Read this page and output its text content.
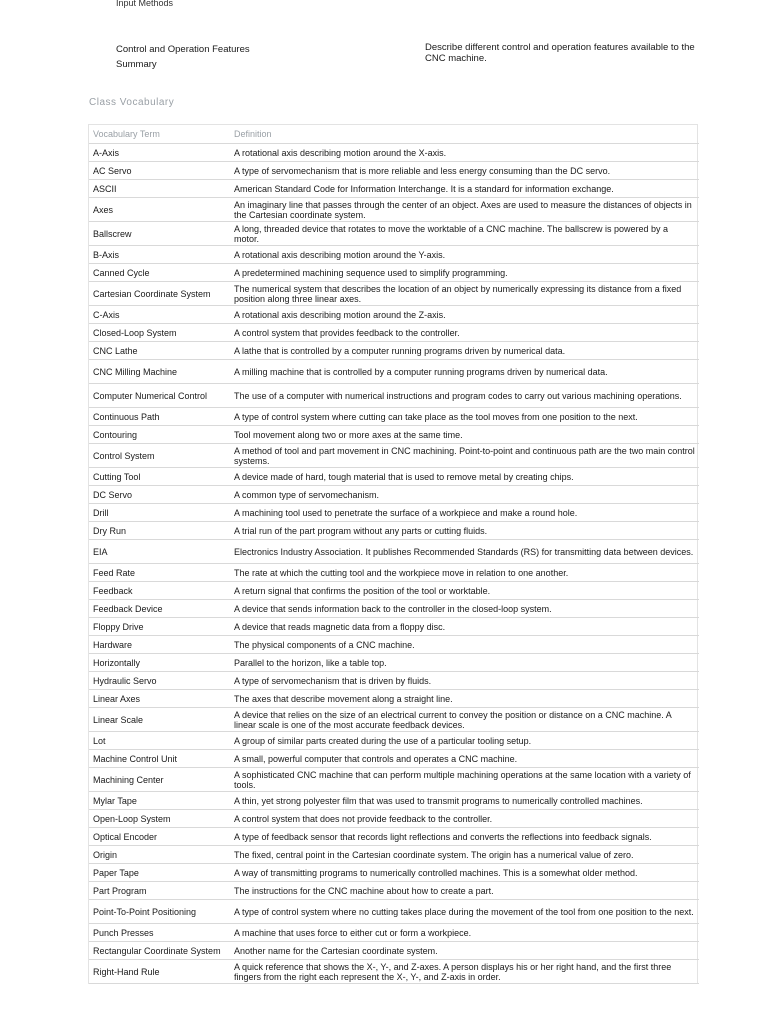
Input Methods
Control and Operation Features
Summary
Describe different control and operation features available to the CNC machine.
Class Vocabulary
Vocabulary Term	Definition
A-Axis	A rotational axis describing motion around the X-axis.
AC Servo	A type of servomechanism that is more reliable and less energy consuming than the DC servo.
ASCII	American Standard Code for Information Interchange. It is a standard for information exchange.
Axes	An imaginary line that passes through the center of an object. Axes are used to measure the distances of objects in the Cartesian coordinate system.
Ballscrew	A long, threaded device that rotates to move the worktable of a CNC machine. The ballscrew is powered by a motor.
B-Axis	A rotational axis describing motion around the Y-axis.
Canned Cycle	A predetermined machining sequence used to simplify programming.
Cartesian Coordinate System	The numerical system that describes the location of an object by numerically expressing its distance from a fixed position along three linear axes.
C-Axis	A rotational axis describing motion around the Z-axis.
Closed-Loop System	A control system that provides feedback to the controller.
CNC Lathe	A lathe that is controlled by a computer running programs driven by numerical data.
CNC Milling Machine	A milling machine that is controlled by a computer running programs driven by numerical data.
Computer Numerical Control	The use of a computer with numerical instructions and program codes to carry out various machining operations.
Continuous Path	A type of control system where cutting can take place as the tool moves from one position to the next.
Contouring	Tool movement along two or more axes at the same time.
Control System	A method of tool and part movement in CNC machining. Point-to-point and continuous path are the two main control systems.
Cutting Tool	A device made of hard, tough material that is used to remove metal by creating chips.
DC Servo	A common type of servomechanism.
Drill	A machining tool used to penetrate the surface of a workpiece and make a round hole.
Dry Run	A trial run of the part program without any parts or cutting fluids.
EIA	Electronics Industry Association. It publishes Recommended Standards (RS) for transmitting data between devices.
Feed Rate	The rate at which the cutting tool and the workpiece move in relation to one another.
Feedback	A return signal that confirms the position of the tool or worktable.
Feedback Device	A device that sends information back to the controller in the closed-loop system.
Floppy Drive	A device that reads magnetic data from a floppy disc.
Hardware	The physical components of a CNC machine.
Horizontally	Parallel to the horizon, like a table top.
Hydraulic Servo	A type of servomechanism that is driven by fluids.
Linear Axes	The axes that describe movement along a straight line.
Linear Scale	A device that relies on the size of an electrical current to convey the position or distance on a CNC machine. A linear scale is one of the most accurate feedback devices.
Lot	A group of similar parts created during the use of a particular tooling setup.
Machine Control Unit	A small, powerful computer that controls and operates a CNC machine.
Machining Center	A sophisticated CNC machine that can perform multiple machining operations at the same location with a variety of tools.
Mylar Tape	A thin, yet strong polyester film that was used to transmit programs to numerically controlled machines.
Open-Loop System	A control system that does not provide feedback to the controller.
Optical Encoder	A type of feedback sensor that records light reflections and converts the reflections into feedback signals.
Origin	The fixed, central point in the Cartesian coordinate system. The origin has a numerical value of zero.
Paper Tape	A way of transmitting programs to numerically controlled machines. This is a somewhat older method.
Part Program	The instructions for the CNC machine about how to create a part.
Point-To-Point Positioning	A type of control system where no cutting takes place during the movement of the tool from one position to the next.
Punch Presses	A machine that uses force to either cut or form a workpiece.
Rectangular Coordinate System	Another name for the Cartesian coordinate system.
Right-Hand Rule	A quick reference that shows the X-, Y-, and Z-axes. A person displays his or her right hand, and the first three fingers from the right each represent the X-, Y-, and Z-axis in order.
